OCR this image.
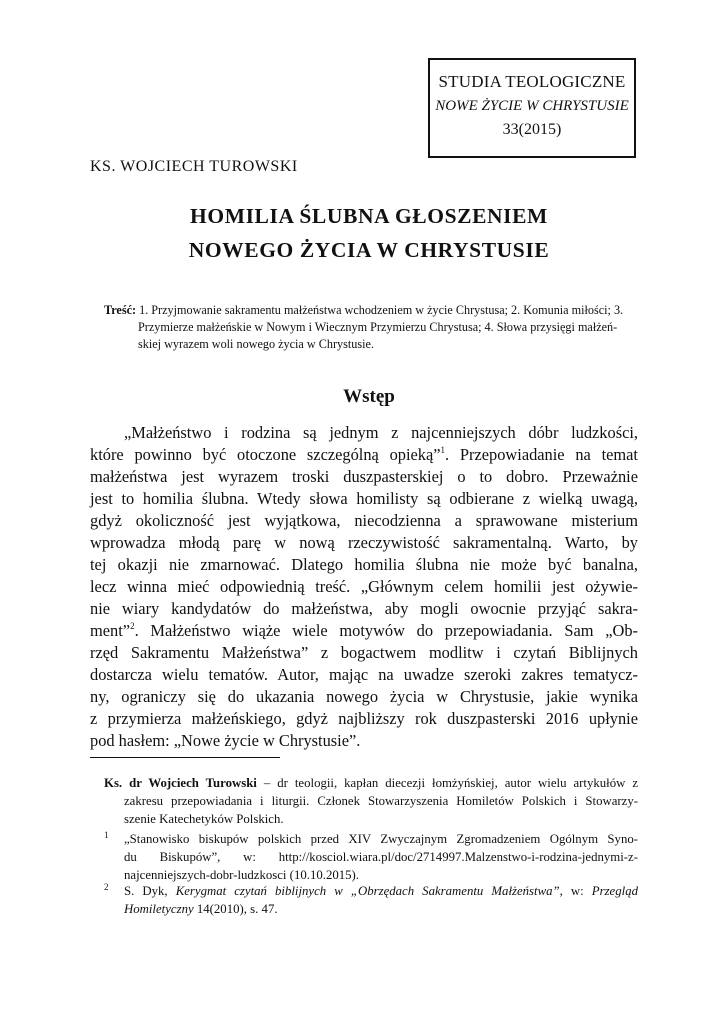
STUDIA TEOLOGICZNE
NOWE ŻYCIE W CHRYSTUSIE
33(2015)
KS. WOJCIECH TUROWSKI
HOMILIA ŚLUBNA GŁOSZENIEM
NOWEGO ŻYCIA W CHRYSTUSIE
Treść: 1. Przyjmowanie sakramentu małżeństwa wchodzeniem w życie Chrystusa; 2. Komunia miłości; 3.
Przymierze małżeńskie w Nowym i Wiecznym Przymierzu Chrystusa; 4. Słowa przysięgi małżeń-
skiej wyrazem woli nowego życia w Chrystusie.
Wstęp
„Małżeństwo i rodzina są jednym z najcenniejszych dóbr ludzkości,
które powinno być otoczone szczególną opieką”$^1$. Przepowiadanie na temat
małżeństwa jest wyrazem troski duszpasterskiej o to dobro. Przeważnie
jest to homilia ślubna. Wtedy słowa homilisty są odbierane z wielką uwagą,
gdyż okoliczność jest wyjątkowa, niecodzienna a sprawowane misterium
wprowadza młodą parę w nową rzeczywistość sakramentalną. Warto, by
tej okazji nie zmarnować. Dlatego homilia ślubna nie może być banalna,
lecz winna mieć odpowiednią treść. „Głównym celem homilii jest ożywie-
nie wiary kandydatów do małżeństwa, aby mogli owocnie przyjąć sakra-
ment”$^2$. Małżeństwo wiąże wiele motywów do przepowiadania. Sam „Ob-
rzęd Sakramentu Małżeństwa” z bogactwem modlitw i czytań Biblijnych
dostarcza wielu tematów. Autor, mając na uwadze szeroki zakres tematycz-
ny, ograniczy się do ukazania nowego życia w Chrystusie, jakie wynika
z przymierza małżeńskiego, gdyż najbliższy rok duszpasterski 2016 upłynie
pod hasłem: „Nowe życie w Chrystusie”.
Ks. dr Wojciech Turowski – dr teologii, kapłan diecezji łomżyńskiej, autor wielu artykułów z
zakresu przepowiadania i liturgii. Członek Stowarzyszenia Homiletów Polskich i Stowarzy-
szenie Katechetyków Polskich.
1 „Stanowisko biskupów polskich przed XIV Zwyczajnym Zgromadzeniem Ogólnym Syno-
du Biskupów”, w: http://kosciol.wiara.pl/doc/2714997.Malzenstwo-i-rodzina-jednymi-z-
najcenniejszych-dobr-ludzkosci (10.10.2015).
2 S. Dyk, Kerygmat czytań biblijnych w „Obrzędach Sakramentu Małżeństwa”, w: Przegląd
Homiletyczny 14(2010), s. 47.
